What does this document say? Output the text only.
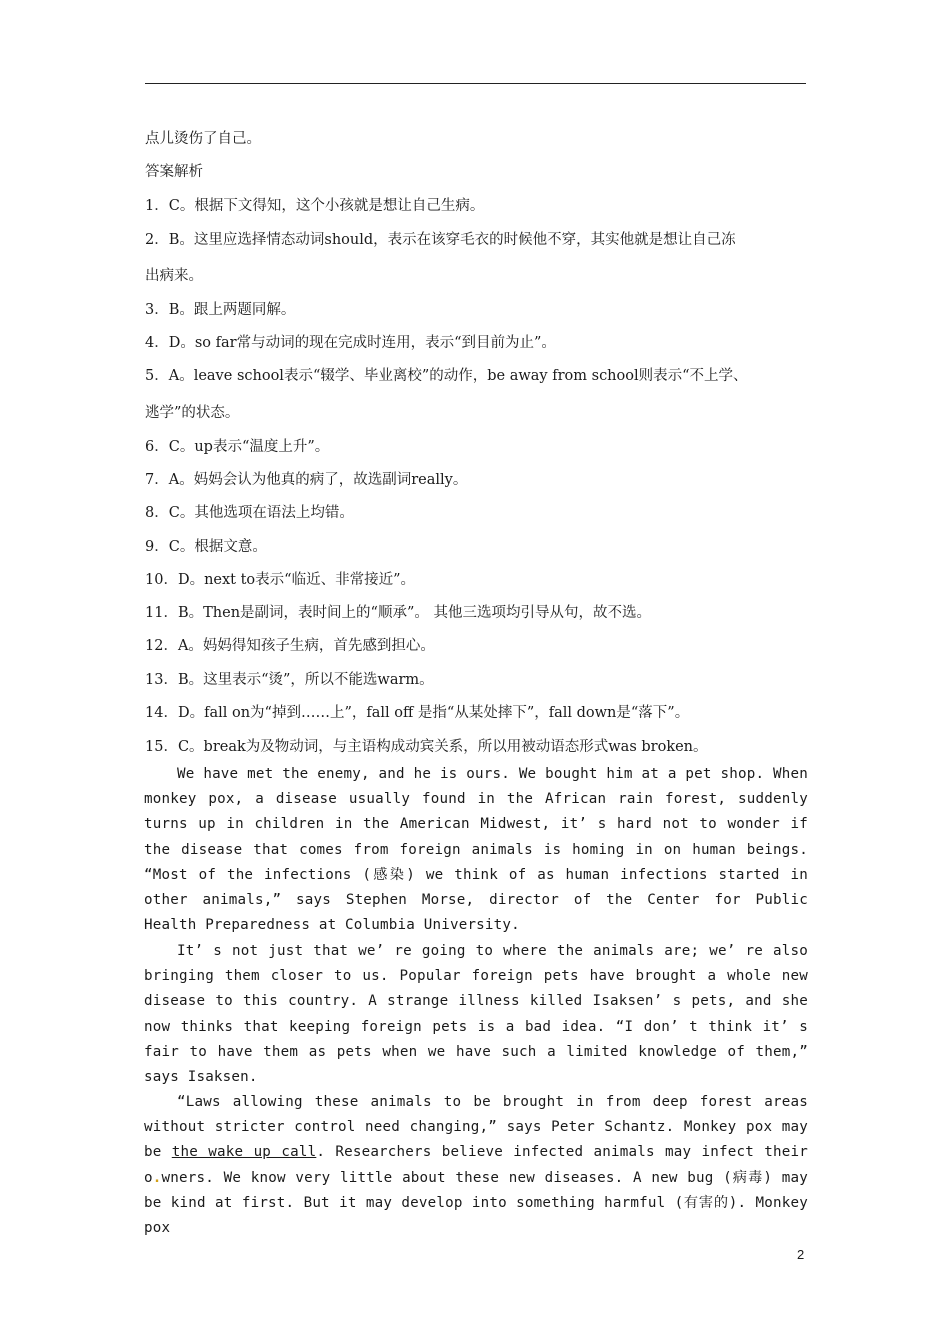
点儿烫伤了自己。
答案解析
1．C。根据下文得知，这个小孩就是想让自己生病。
2．B。这里应选择情态动词should，表示在该穿毛衣的时候他不穿，其实他就是想让自己冻
出病来。
3．B。跟上两题同解。
4．D。so far常与动词的现在完成时连用，表示“到目前为止”。
5．A。leave school表示“辍学、毕业离校”的动作，be away from school则表示“不上学、
逃学”的状态。
6．C。up表示“温度上升”。
7．A。妈妈会认为他真的病了，故选副词really。
8．C。其他选项在语法上均错。
9．C。根据文意。
10．D。next to表示“临近、非常接近”。
11．B。Then是副词，表时间上的“顺承”。 其他三选项均引导从句，故不选。
12．A。妈妈得知孩子生病，首先感到担心。
13．B。这里表示“烫”，所以不能选warm。
14．D。fall on为“掉到……上”，fall off 是指“从某处摔下”，fall down是“落下”。
15．C。break为及物动词，与主语构成动宾关系，所以用被动语态形式was broken。

We have met the enemy, and he is ours. We bought him at a pet shop. When monkey pox, a disease usually found in the African rain forest, suddenly turns up in children in the American Midwest, it’ s hard not to wonder if the disease that comes from foreign animals is homing in on human beings. “Most of the infections (感染) we think of as human infections started in other animals,” says Stephen Morse, director of the Center for Public Health Preparedness at Columbia University.

It’ s not just that we’ re going to where the animals are; we’ re also bringing them closer to us. Popular foreign pets have brought a whole new disease to this country. A strange illness killed Isaksen’ s pets, and she now thinks that keeping foreign pets is a bad idea. “I don’ t think it’ s fair to have them as pets when we have such a limited knowledge of them,” says Isaksen.

“Laws allowing these animals to be brought in from deep forest areas without stricter control need changing,” says Peter Schantz. Monkey pox may be the wake up call. Researchers believe infected animals may infect their o.wners. We know very little about these new diseases. A new bug (病毒) may be kind at first. But it may develop into something harmful (有害的). Monkey pox

2
